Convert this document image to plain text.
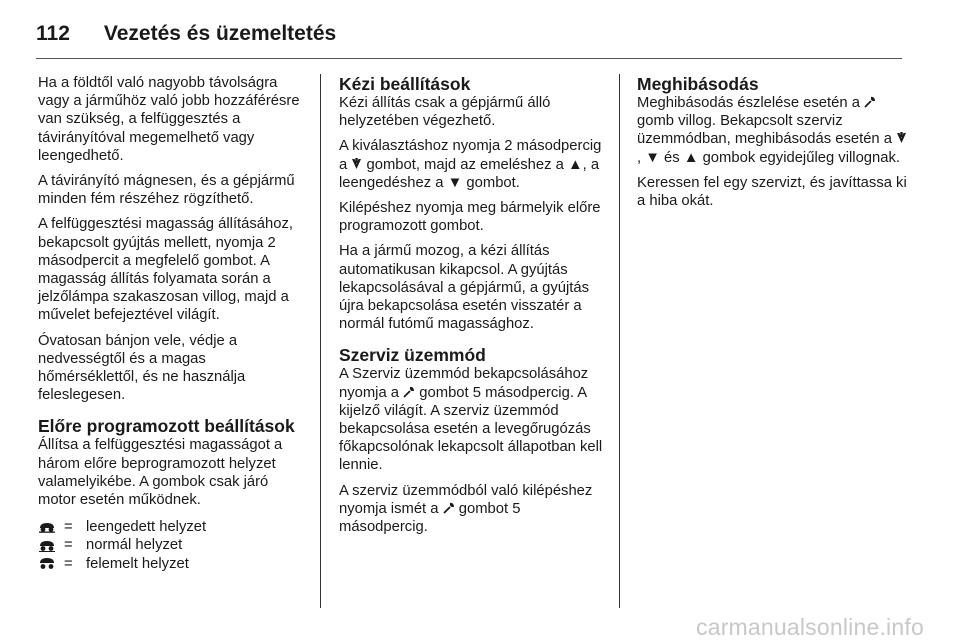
112 Vezetés és üzemeltetés

Ha a földtől való nagyobb távolságra vagy a járműhöz való jobb hozzáférésre van szükség, a felfüggesztés a távirányítóval megemelhető vagy leengedhető.

A távirányító mágnesen, és a gépjármű minden fém részéhez rögzíthető.

A felfüggesztési magasság állításához, bekapcsolt gyújtás mellett, nyomja 2 másodpercit a megfelelő gombot. A magasság állítás folyamata során a jelzőlámpa szakaszosan villog, majd a művelet befejeztével világít.

Óvatosan bánjon vele, védje a nedvességtől és a magas hőmérséklettől, és ne használja feleslegesen.

Előre programozott beállítások

Állítsa a felfüggesztési magasságot a három előre beprogramozott helyzet valamelyikébe. A gombok csak járó motor esetén működnek.

= leengedett helyzet
= normál helyzet
= felemelt helyzet
Kézi beállítások

Kézi állítás csak a gépjármű álló helyzetében végezhető.

A kiválasztáshoz nyomja 2 másodpercig a gombot, majd az emeléshez a ▲, a leengedéshez a ▼ gombot.

Kilépéshez nyomja meg bármelyik előre programozott gombot.

Ha a jármű mozog, a kézi állítás automatikusan kikapcsol. A gyújtás lekapcsolásával a gépjármű, a gyújtás újra bekapcsolása esetén visszatér a normál futómű magassághoz.

Szerviz üzemmód

A Szerviz üzemmód bekapcsolásához nyomja a gombot 5 másodpercig. A kijelző világít. A szerviz üzemmód bekapcsolása esetén a levegőrugózás főkapcsolónak lekapcsolt állapotban kell lennie.

A szerviz üzemmódból való kilépéshez nyomja ismét a gombot 5 másodpercig.

Meghibásodás

Meghibásodás észlelése esetén a  gomb villog. Bekapcsolt szerviz üzemmódban, meghibásodás esetén a , ▼ és ▲ gombok egyidejűleg villognak.

Keressen fel egy szervizt, és javíttassa ki a hiba okát.

carmanualsonline.info
